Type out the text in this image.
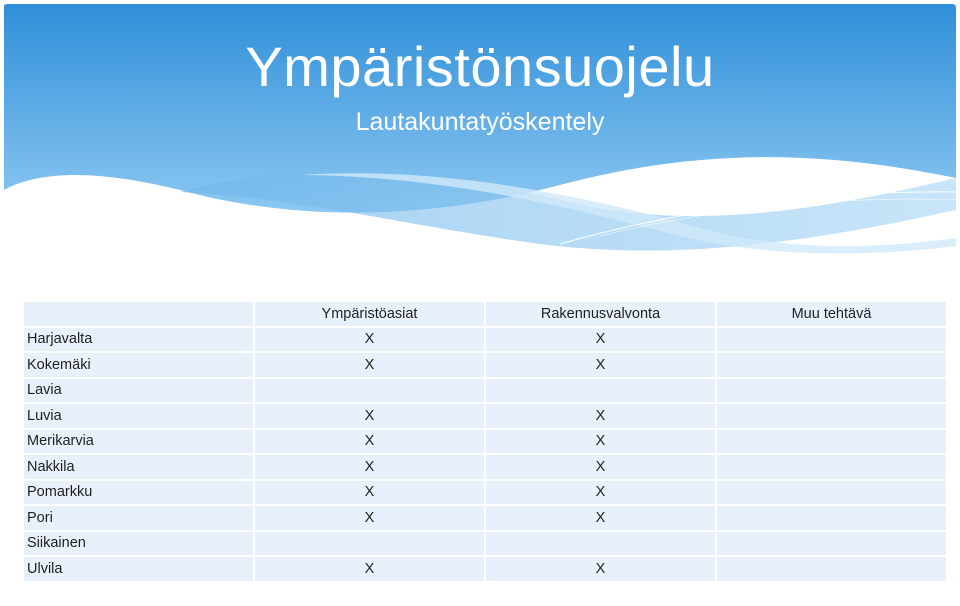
Ympäristönsuojelu
Lautakuntatyöskentely
	Ympäristöasiat	Rakennusvalvonta	Muu tehtävä
Harjavalta	X	X	
Kokemäki	X	X	
Lavia			
Luvia	X	X	
Merikarvia	X	X	
Nakkila	X	X	
Pomarkku	X	X	
Pori	X	X	
Siikainen			
Ulvila	X	X	
